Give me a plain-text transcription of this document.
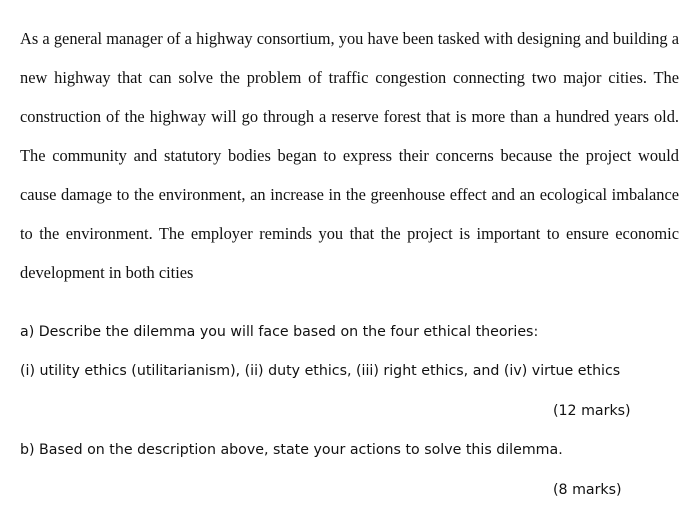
As a general manager of a highway consortium, you have been tasked with designing and building a new highway that can solve the problem of traffic congestion connecting two major cities. The construction of the highway will go through a reserve forest that is more than a hundred years old. The community and statutory bodies began to express their concerns because the project would cause damage to the environment, an increase in the greenhouse effect and an ecological imbalance to the environment. The employer reminds you that the project is important to ensure economic development in both cities

a) Describe the dilemma you will face based on the four ethical theories:

(i) utility ethics (utilitarianism), (ii) duty ethics, (iii) right ethics, and (iv) virtue ethics

(12 marks)

b) Based on the description above, state your actions to solve this dilemma.

(8 marks)
